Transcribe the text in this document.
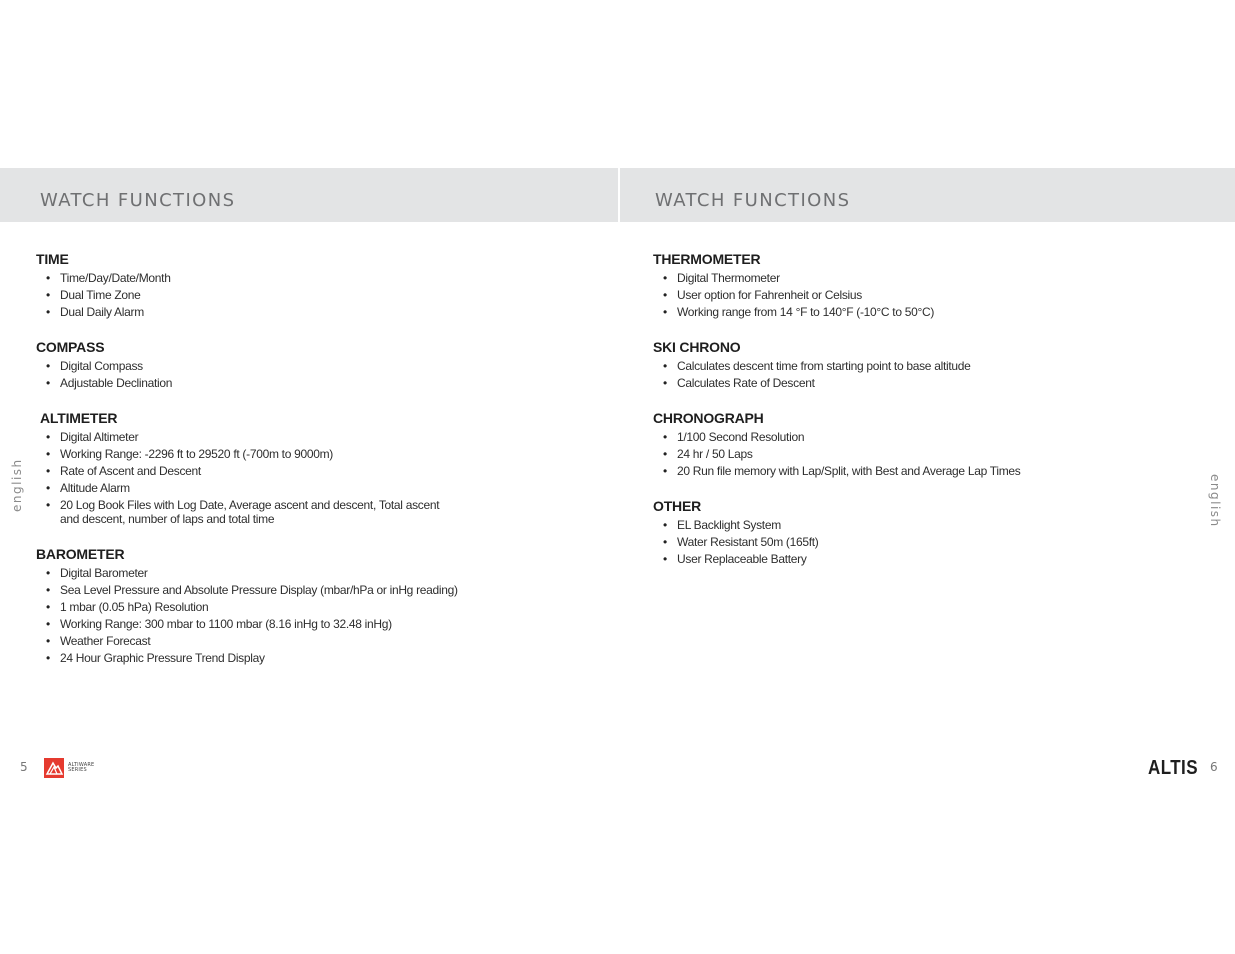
WATCH FUNCTIONS	WATCH FUNCTIONS
TIME
• Time/Day/Date/Month
• Dual Time Zone
• Dual Daily Alarm
COMPASS
• Digital Compass
• Adjustable Declination
ALTIMETER
• Digital Altimeter
• Working Range: -2296 ft to 29520 ft (-700m to 9000m)
• Rate of Ascent and Descent
• Altitude Alarm
• 20 Log Book Files with Log Date, Average ascent and descent, Total ascent and descent, number of laps and total time
BAROMETER
• Digital Barometer
• Sea Level Pressure and Absolute Pressure Display (mbar/hPa or inHg reading)
• 1 mbar (0.05 hPa) Resolution
• Working Range: 300 mbar to 1100 mbar (8.16 inHg to 32.48 inHg)
• Weather Forecast
• 24 Hour Graphic Pressure Trend Display
THERMOMETER
• Digital Thermometer
• User option for Fahrenheit or Celsius
• Working range from 14 °F to 140°F (-10°C to 50°C)
SKI CHRONO
• Calculates descent time from starting point to base altitude
• Calculates Rate of Descent
CHRONOGRAPH
• 1/100 Second Resolution
• 24 hr / 50 Laps
• 20 Run file memory with Lap/Split, with Best and Average Lap Times
OTHER
• EL Backlight System
• Water Resistant 50m (165ft)
• User Replaceable Battery
english	english
5	ALTIWARE
SERIES	ALTIS 6
